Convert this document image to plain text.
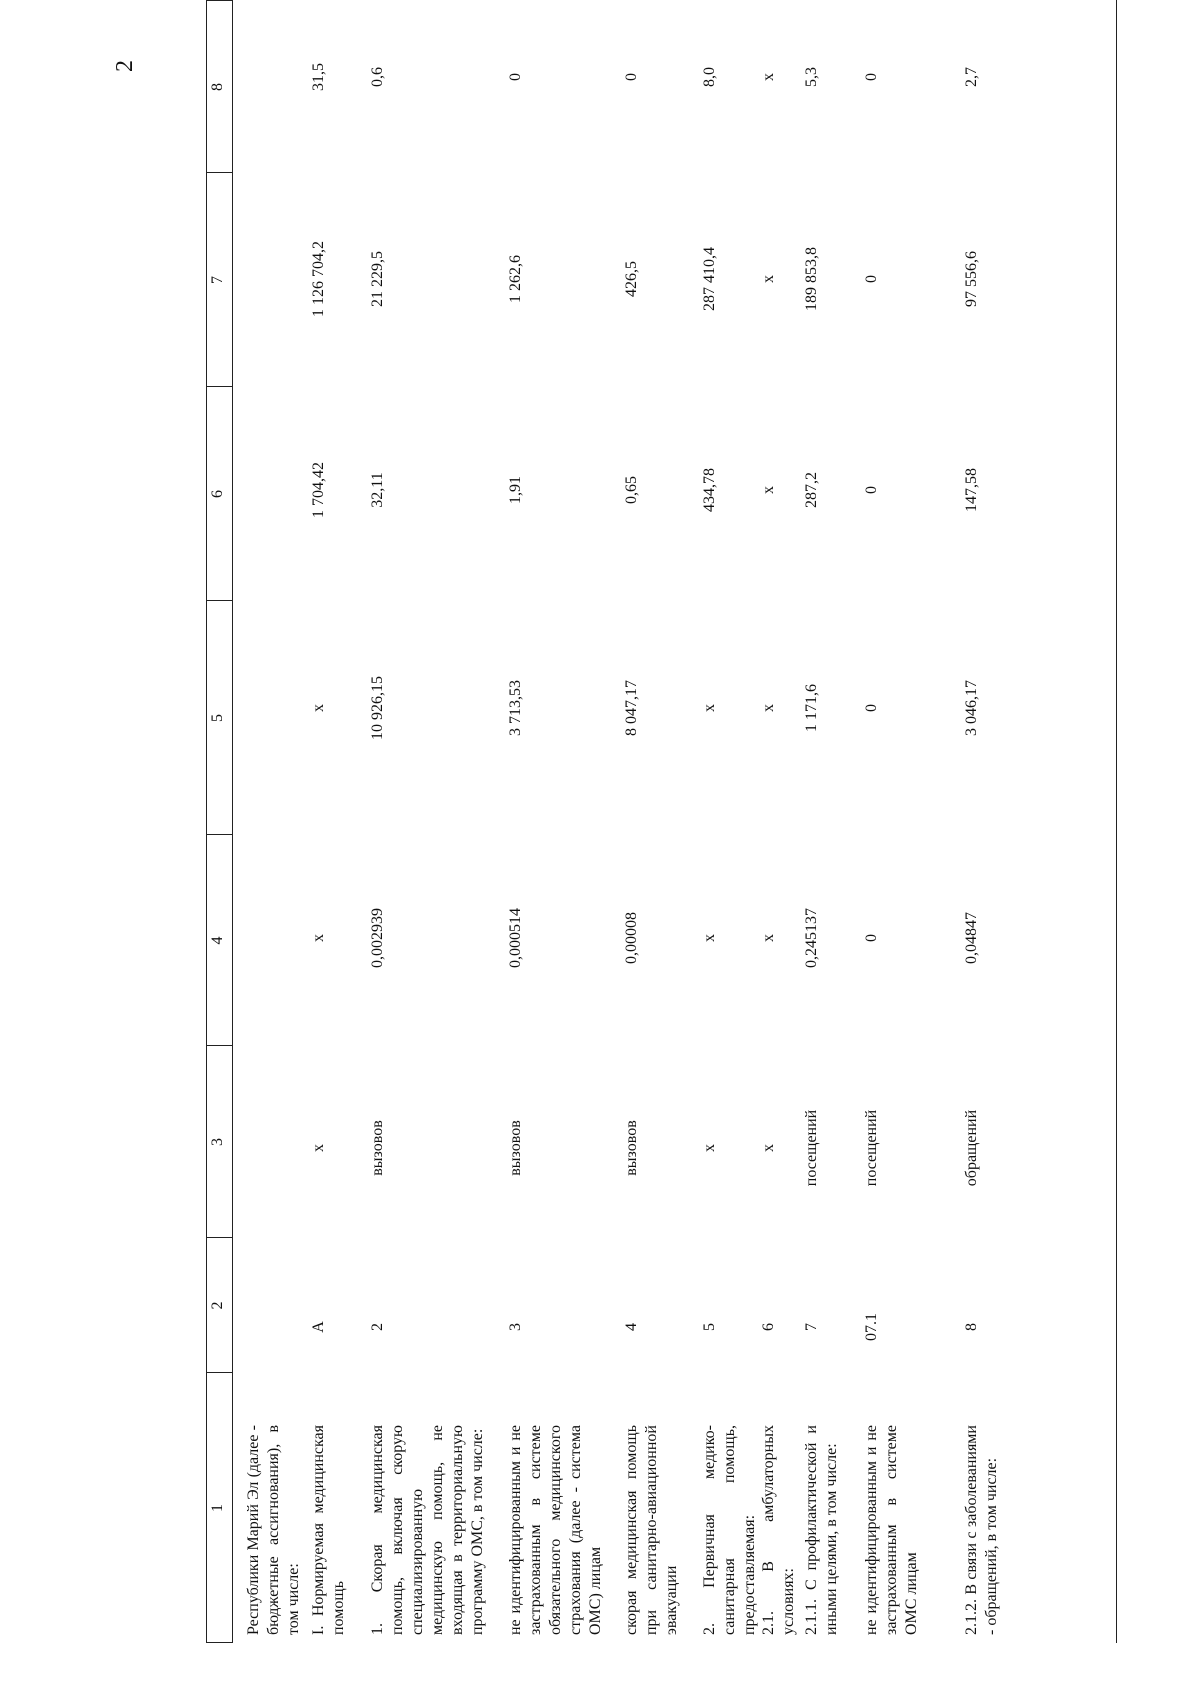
2
1
2
3
4
5
6
7
8
Республики Марий Эл (далее - бюджетные ассигнования), в том числе: I. Нормируемая медицинская помощь
А
х
х
х
1 704,42
1 126 704,2
31,5
1. Скорая медицинская помощь, включая скорую специализированную медицинскую помощь, не входящая в территориальную программу ОМС, в том числе:
2
вызовов
0,002939
10 926,15
32,11
21 229,5
0,6
не идентифицированным и не застрахованным в системе обязательного медицинского страхования (далее - система ОМС) лицам
3
вызовов
0,000514
3 713,53
1,91
1 262,6
0
скорая медицинская помощь при санитарно-авиационной эвакуации
4
вызовов
0,00008
8 047,17
0,65
426,5
0
2. Первичная медико-санитарная помощь, предоставляемая:
5
х
х
х
434,78
287 410,4
8,0
2.1. В амбулаторных условиях:
6
х
х
х
х
х
х
2.1.1. С профилактической и иными целями, в том числе:
7
посещений
0,245137
1 171,6
287,2
189 853,8
5,3
не идентифицированным и не застрахованным в системе ОМС лицам
07.1
посещений
0
0
0
0
0
2.1.2. В связи с заболеваниями - обращений, в том числе:
8
обращений
0,04847
3 046,17
147,58
97 556,6
2,7
